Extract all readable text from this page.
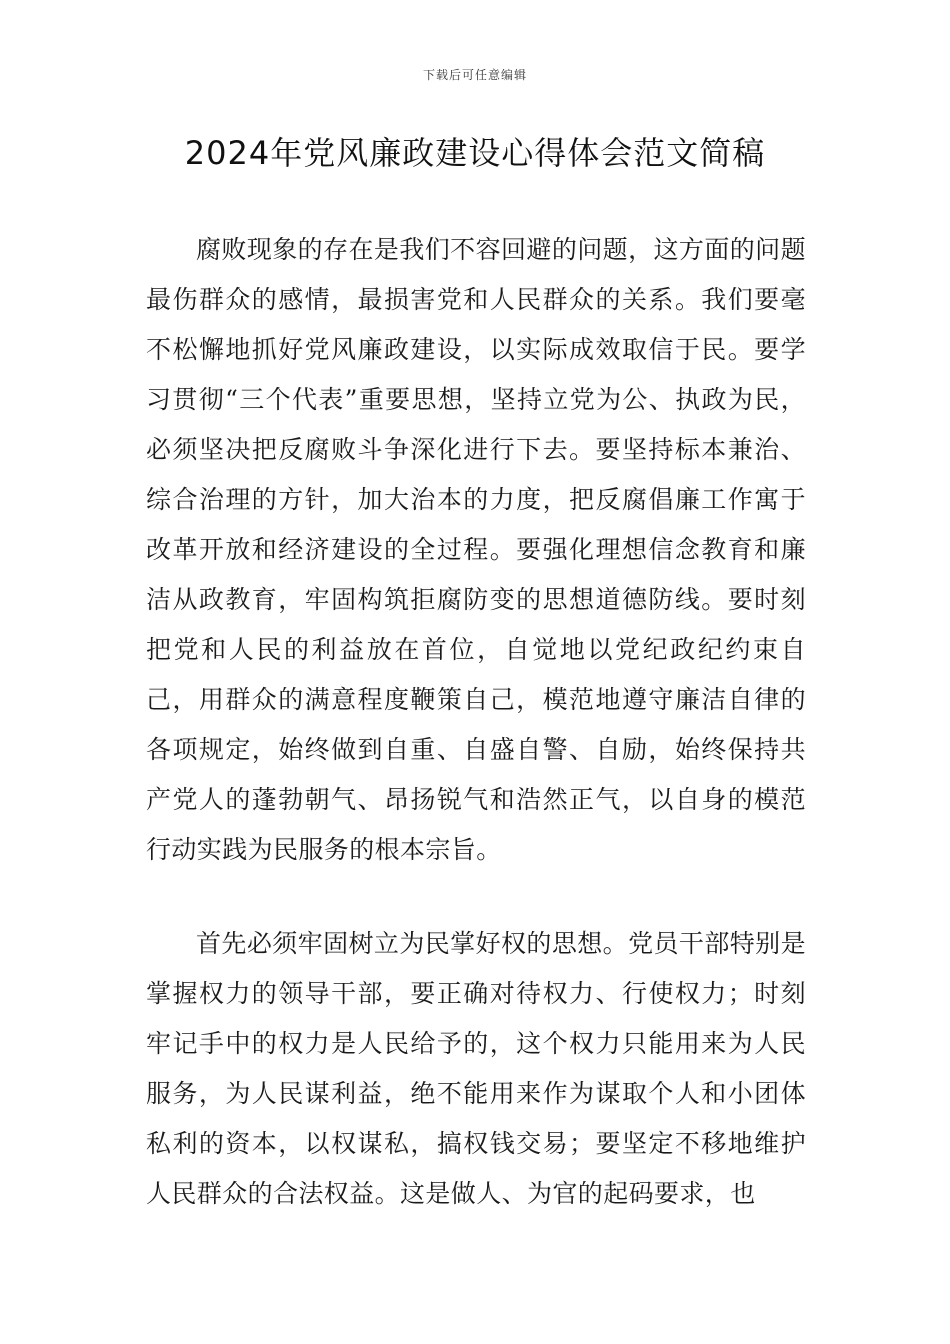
下载后可任意编辑
2024年党风廉政建设心得体会范文简稿

腐败现象的存在是我们不容回避的问题，这方面的问题最伤群众的感情，最损害党和人民群众的关系。我们要毫不松懈地抓好党风廉政建设，以实际成效取信于民。要学习贯彻“三个代表”重要思想，坚持立党为公、执政为民，必须坚决把反腐败斗争深化进行下去。要坚持标本兼治、综合治理的方针，加大治本的力度，把反腐倡廉工作寓于改革开放和经济建设的全过程。要强化理想信念教育和廉洁从政教育，牢固构筑拒腐防变的思想道德防线。要时刻把党和人民的利益放在首位，自觉地以党纪政纪约束自己，用群众的满意程度鞭策自己，模范地遵守廉洁自律的各项规定，始终做到自重、自盛自警、自励，始终保持共产党人的蓬勃朝气、昂扬锐气和浩然正气，以自身的模范行动实践为民服务的根本宗旨。

首先必须牢固树立为民掌好权的思想。党员干部特别是掌握权力的领导干部，要正确对待权力、行使权力；时刻牢记手中的权力是人民给予的，这个权力只能用来为人民服务，为人民谋利益，绝不能用来作为谋取个人和小团体私利的资本，以权谋私，搞权钱交易；要坚定不移地维护人民群众的合法权益。这是做人、为官的起码要求，也
